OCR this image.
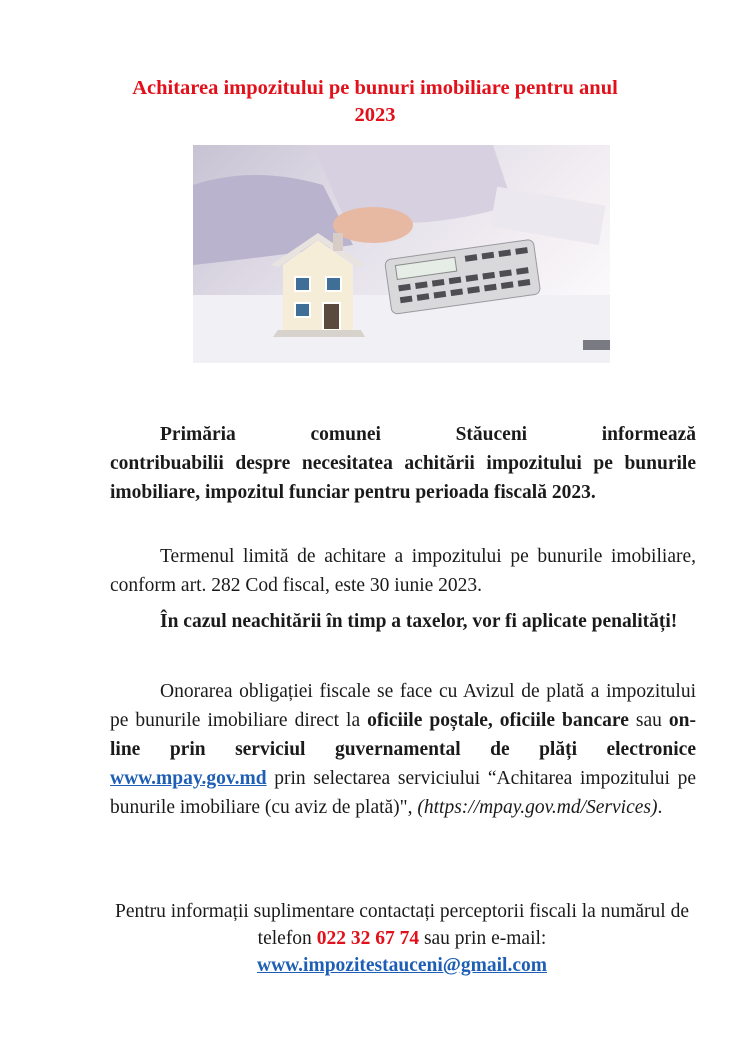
Achitarea impozitului pe bunuri imobiliare pentru anul
2023
Primăria	comunei	Stăuceni	informează
contribuabilii despre necesitatea achitării impozitului pe bunurile imobiliare, impozitul funciar pentru perioada fiscală 2023.
Termenul limită de achitare a impozitului pe bunurile imobiliare, conform art. 282 Cod fiscal, este 30 iunie 2023.
În cazul neachitării în timp a taxelor, vor fi aplicate penalități!
Onorarea obligației fiscale se face cu Avizul de plată a impozitului pe bunurile imobiliare direct la oficiile poștale, oficiile bancare sau on-line prin serviciul guvernamental de plăți electronice www.mpay.gov.md prin selectarea serviciului “Achitarea impozitului pe bunurile imobiliare (cu aviz de plată)", (https://mpay.gov.md/Services).
Pentru informații suplimentare contactați perceptorii fiscali la numărul de telefon 022 32 67 74 sau prin e-mail:
www.impozitestauceni@gmail.com
